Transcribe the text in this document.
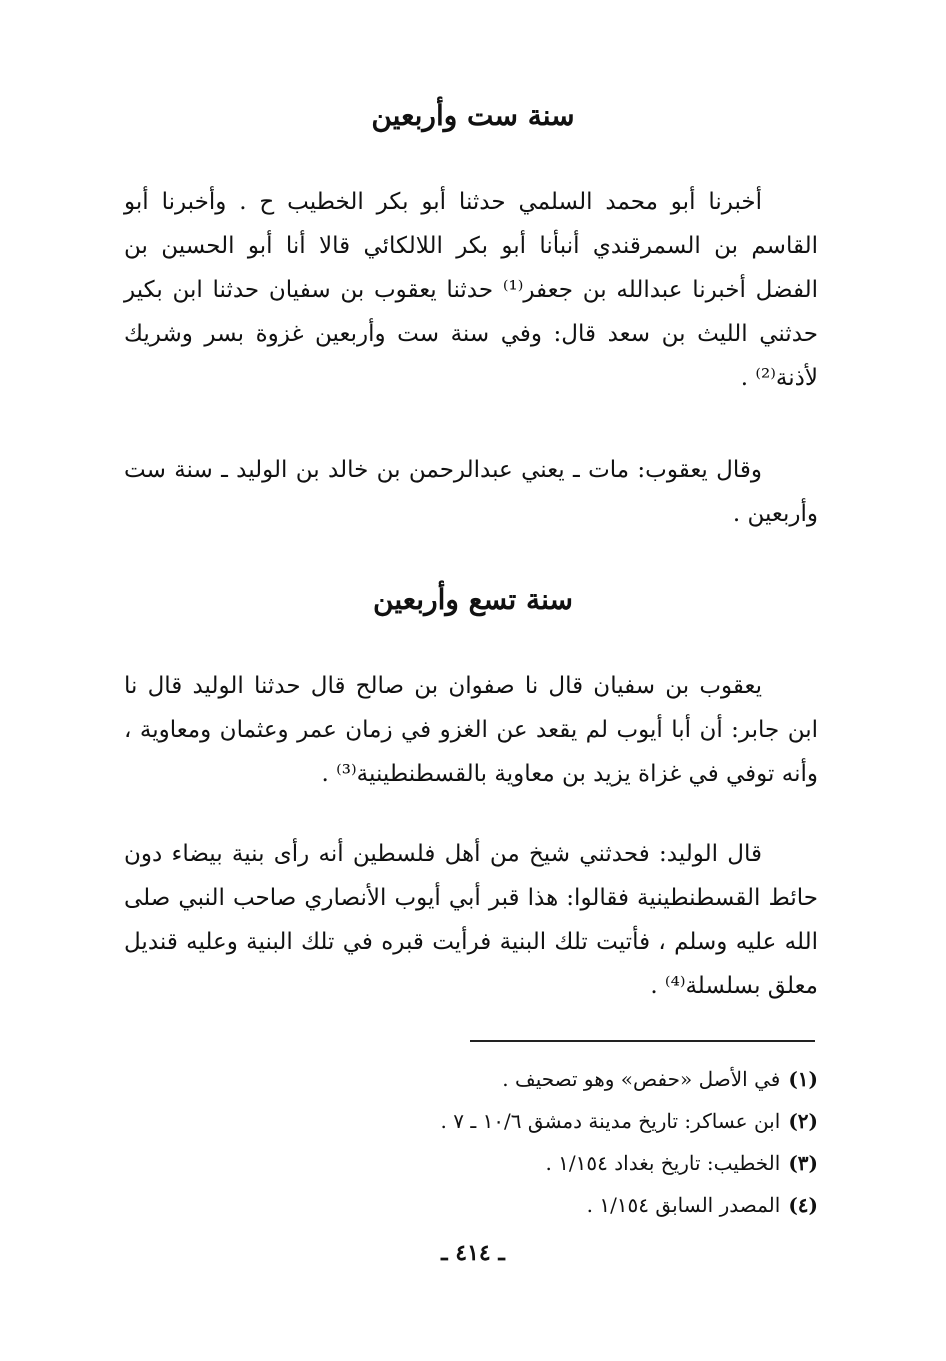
سنة ست وأربعين
أخبرنا أبو محمد السلمي حدثنا أبو بكر الخطيب ح . وأخبرنا أبو القاسم بن السمرقندي أنبأنا أبو بكر اللالكائي قالا أنا أبو الحسين بن الفضل أخبرنا عبدالله بن جعفر⁽¹⁾ حدثنا يعقوب بن سفيان حدثنا ابن بكير حدثني الليث بن سعد قال: وفي سنة ست وأربعين غزوة بسر وشريك لأذنة⁽²⁾ .
وقال يعقوب: مات ـ يعني عبدالرحمن بن خالد بن الوليد ـ سنة ست وأربعين .
سنة تسع وأربعين
يعقوب بن سفيان قال نا صفوان بن صالح قال حدثنا الوليد قال نا ابن جابر: أن أبا أيوب لم يقعد عن الغزو في زمان عمر وعثمان ومعاوية ، وأنه توفي في غزاة يزيد بن معاوية بالقسطنطينية⁽³⁾ .
قال الوليد: فحدثني شيخ من أهل فلسطين أنه رأى بنية بيضاء دون حائط القسطنطينية فقالوا: هذا قبر أبي أيوب الأنصاري صاحب النبي صلى الله عليه وسلم ، فأتيت تلك البنية فرأيت قبره في تلك البنية وعليه قنديل معلق بسلسلة⁽⁴⁾ .
(١)في الأصل «حفص» وهو تصحيف .
(٢)ابن عساكر: تاريخ مدينة دمشق ١٠/٦ ـ ٧ .
(٣)الخطيب: تاريخ بغداد ١/١٥٤ .
(٤)المصدر السابق ١/١٥٤ .
ـ ٤١٤ ـ
